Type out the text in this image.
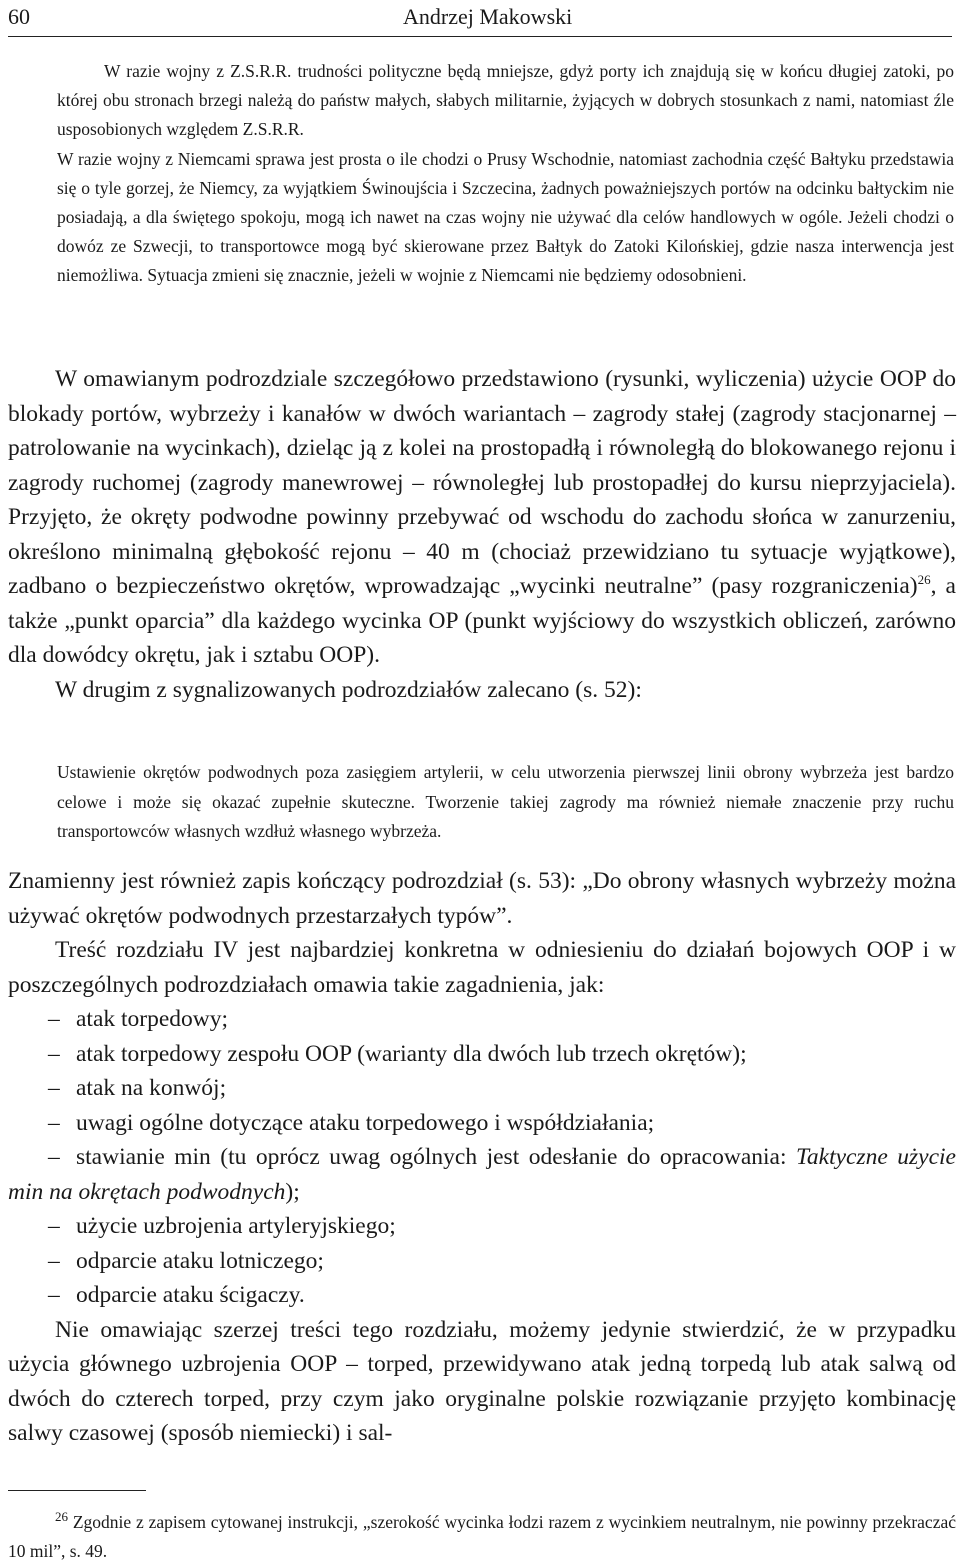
60	Andrzej Makowski

W razie wojny z Z.S.R.R. trudności polityczne będą mniejsze, gdyż porty ich znajdują się w końcu długiej zatoki, po której obu stronach brzegi należą do państw małych, słabych militarnie, żyjących w dobrych stosunkach z nami, natomiast źle usposobionych względem Z.S.R.R.

W razie wojny z Niemcami sprawa jest prosta o ile chodzi o Prusy Wschodnie, natomiast zachodnia część Bałtyku przedstawia się o tyle gorzej, że Niemcy, za wyjątkiem Świnoujścia i Szczecina, żadnych poważniejszych portów na odcinku bałtyckim nie posiadają, a dla świętego spokoju, mogą ich nawet na czas wojny nie używać dla celów handlowych w ogóle. Jeżeli chodzi o dowóz ze Szwecji, to transportowce mogą być skierowane przez Bałtyk do Zatoki Kilońskiej, gdzie nasza interwencja jest niemożliwa. Sytuacja zmieni się znacznie, jeżeli w wojnie z Niemcami nie będziemy odosobnieni.

W omawianym podrozdziale szczegółowo przedstawiono (rysunki, wyliczenia) użycie OOP do blokady portów, wybrzeży i kanałów w dwóch wariantach – zagrody stałej (zagrody stacjonarnej – patrolowanie na wycinkach), dzieląc ją z kolei na prostopadłą i równoległą do blokowanego rejonu i zagrody ruchomej (zagrody manewrowej – równoległej lub prostopadłej do kursu nieprzyjaciela). Przyjęto, że okręty podwodne powinny przebywać od wschodu do zachodu słońca w zanurzeniu, określono minimalną głębokość rejonu – 40 m (chociaż przewidziano tu sytuacje wyjątkowe), zadbano o bezpieczeństwo okrętów, wprowadzając „wycinki neutralne” (pasy rozgraniczenia)$^{26}$, a także „punkt oparcia” dla każdego wycinka OP (punkt wyjściowy do wszystkich obliczeń, zarówno dla dowódcy okrętu, jak i sztabu OOP).

W drugim z sygnalizowanych podrozdziałów zalecano (s. 52):

Ustawienie okrętów podwodnych poza zasięgiem artylerii, w celu utworzenia pierwszej linii obrony wybrzeża jest bardzo celowe i może się okazać zupełnie skuteczne. Tworzenie takiej zagrody ma również niemałe znaczenie przy ruchu transportowców własnych wzdłuż własnego wybrzeża.

Znamienny jest również zapis kończący podrozdział (s. 53): „Do obrony własnych wybrzeży można używać okrętów podwodnych przestarzałych typów”.

Treść rozdziału IV jest najbardziej konkretna w odniesieniu do działań bojowych OOP i w poszczególnych podrozdziałach omawia takie zagadnienia, jak:

– atak torpedowy;
– atak torpedowy zespołu OOP (warianty dla dwóch lub trzech okrętów);
– atak na konwój;
– uwagi ogólne dotyczące ataku torpedowego i współdziałania;
– stawianie min (tu oprócz uwag ogólnych jest odesłanie do opracowania: Taktyczne użycie min na okrętach podwodnych);
– użycie uzbrojenia artyleryjskiego;
– odparcie ataku lotniczego;
– odparcie ataku ścigaczy.

Nie omawiając szerzej treści tego rozdziału, możemy jedynie stwierdzić, że w przypadku użycia głównego uzbrojenia OOP – torped, przewidywano atak jedną torpedą lub atak salwą od dwóch do czterech torped, przy czym jako oryginalne polskie rozwiązanie przyjęto kombinację salwy czasowej (sposób niemiecki) i sal-

$^{26}$ Zgodnie z zapisem cytowanej instrukcji, „szerokość wycinka łodzi razem z wycinkiem neutralnym, nie powinny przekraczać 10 mil”, s. 49.
